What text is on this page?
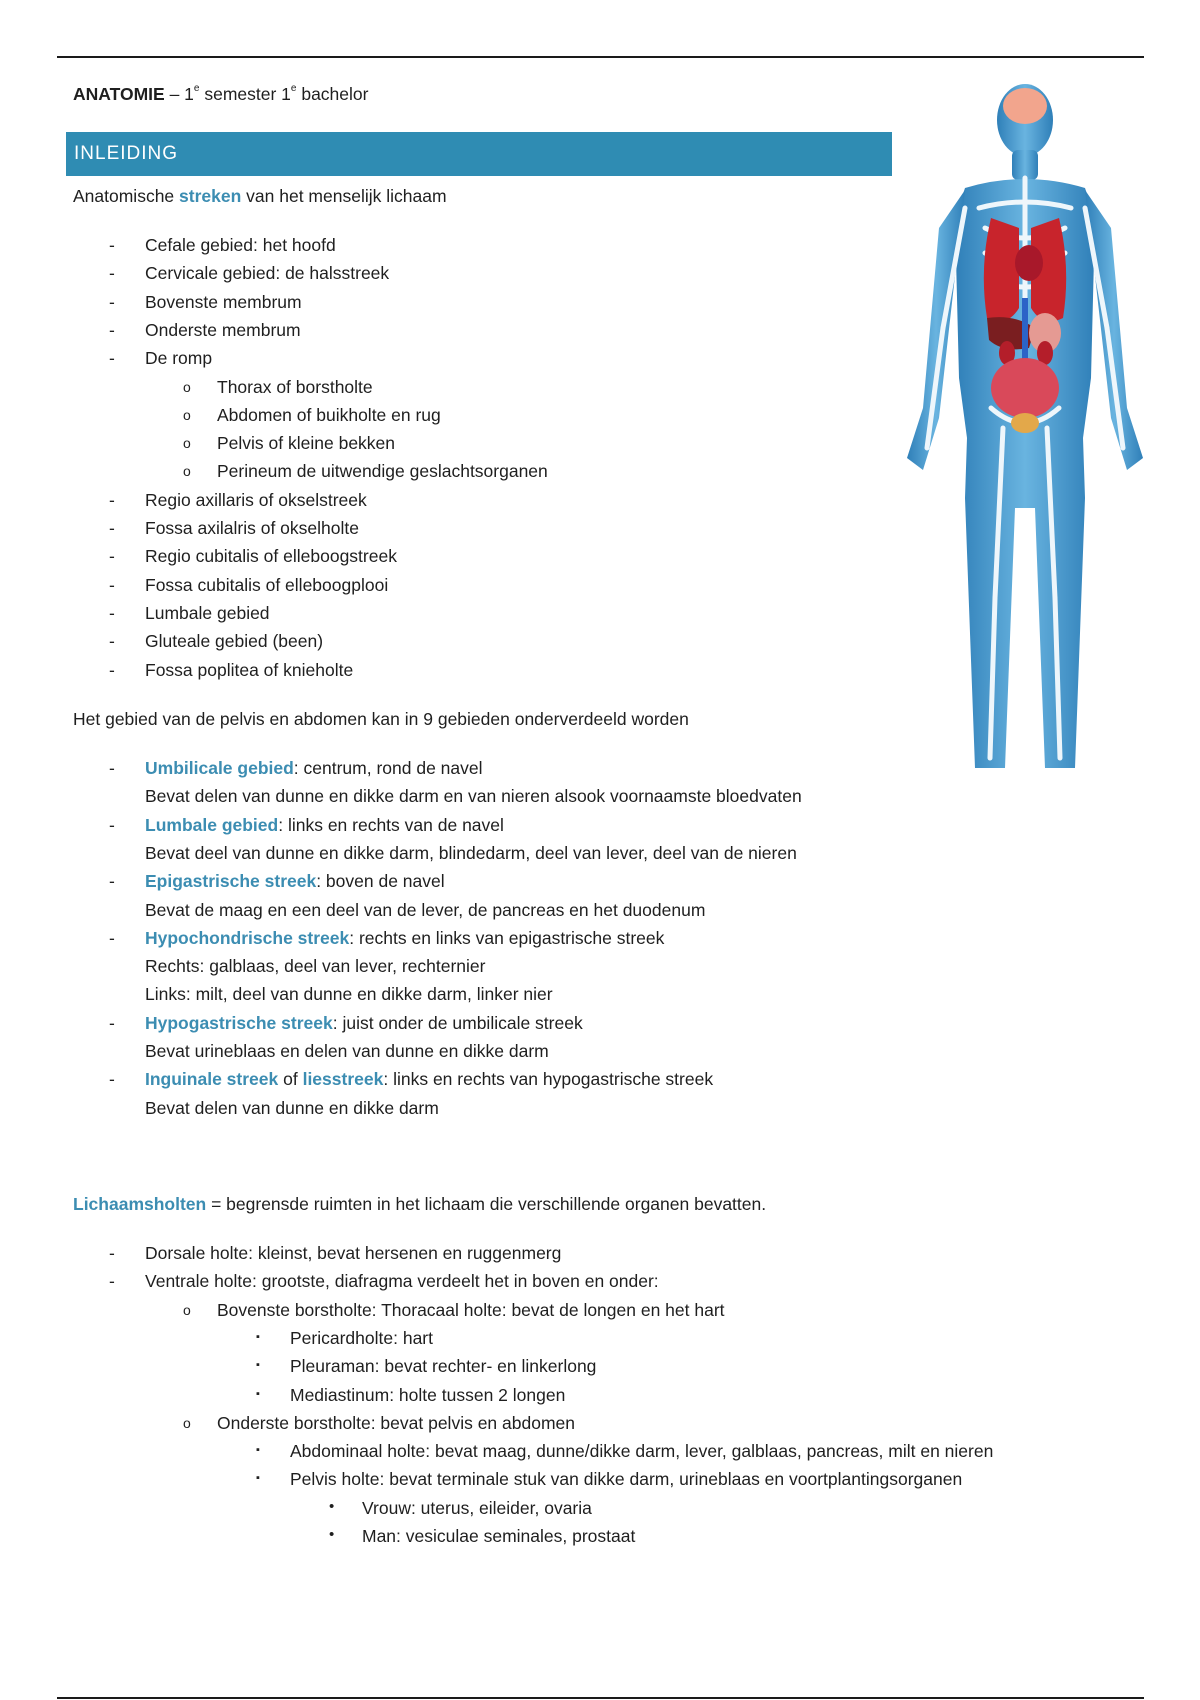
ANATOMIE – 1e semester 1e bachelor
INLEIDING
Anatomische streken van het menselijk lichaam
- Cefale gebied: het hoofd
- Cervicale gebied: de halsstreek
- Bovenste membrum
- Onderste membrum
- De romp
o Thorax of borstholte
o Abdomen of buikholte en rug
o Pelvis of kleine bekken
o Perineum de uitwendige geslachtsorganen
- Regio axillaris of okselstreek
- Fossa axilalris of okselholte
- Regio cubitalis of elleboogstreek
- Fossa cubitalis of elleboogplooi
- Lumbale gebied
- Gluteale gebied (been)
- Fossa poplitea of knieholte
Het gebied van de pelvis en abdomen kan in 9 gebieden onderverdeeld worden
- Umbilicale gebied: centrum, rond de navel
Bevat delen van dunne en dikke darm en van nieren alsook voornaamste bloedvaten
- Lumbale gebied: links en rechts van de navel
Bevat deel van dunne en dikke darm, blindedarm, deel van lever, deel van de nieren
- Epigastrische streek: boven de navel
Bevat de maag en een deel van de lever, de pancreas en het duodenum
- Hypochondrische streek: rechts en links van epigastrische streek
Rechts: galblaas, deel van lever, rechternier
Links: milt, deel van dunne en dikke darm, linker nier
- Hypogastrische streek: juist onder de umbilicale streek
Bevat urineblaas en delen van dunne en dikke darm
- Inguinale streek of liesstreek: links en rechts van hypogastrische streek
Bevat delen van dunne en dikke darm
Lichaamsholten = begrensde ruimten in het lichaam die verschillende organen bevatten.
- Dorsale holte: kleinst, bevat hersenen en ruggenmerg
- Ventrale holte: grootste, diafragma verdeelt het in boven en onder:
o Bovenste borstholte: Thoracaal holte: bevat de longen en het hart
▪ Pericardholte: hart
▪ Pleuraman: bevat rechter- en linkerlong
▪ Mediastinum: holte tussen 2 longen
o Onderste borstholte: bevat pelvis en abdomen
▪ Abdominaal holte: bevat maag, dunne/dikke darm, lever, galblaas, pancreas, milt en nieren
▪ Pelvis holte: bevat terminale stuk van dikke darm, urineblaas en voortplantingsorganen
• Vrouw: uterus, eileider, ovaria
• Man: vesiculae seminales, prostaat
